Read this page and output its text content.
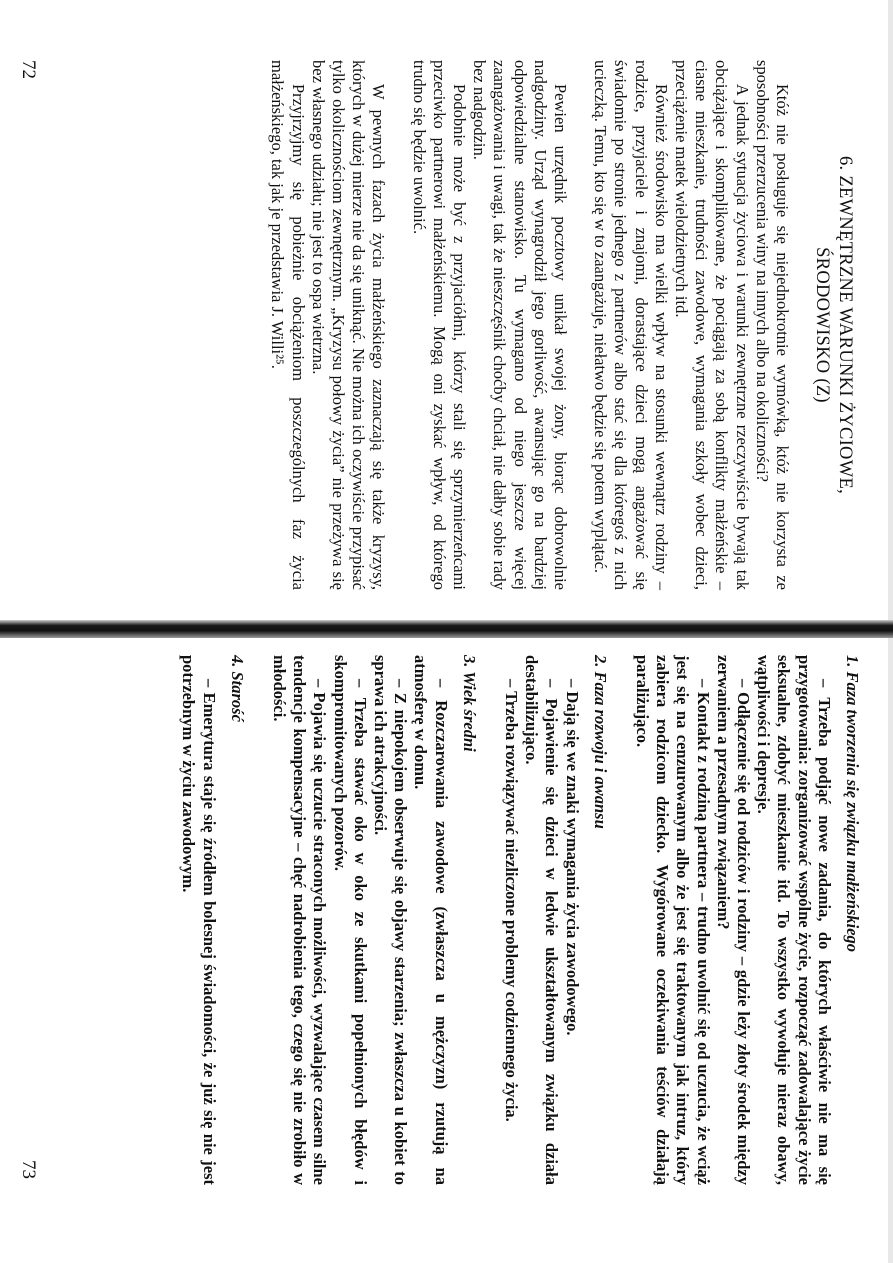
6. ZEWNĘTRZNE WARUNKI ŻYCIOWE,
ŚRODOWISKO (Z)

Któż nie posługuje się niejednokrotnie wymówką, któż nie korzysta ze sposobności przerzucenia winy na innych albo na okoliczności?

A jednak sytuacja życiowa i warunki zewnętrzne rzeczywiście bywają tak obciążające i skomplikowane, że pociągają za sobą konflikty małżeńskie – ciasne mieszkanie, trudności zawodowe, wymagania szkoły wobec dzieci, przeciążenie matek wielodzietnych itd.

Również środowisko ma wielki wpływ na stosunki wewnątrz rodziny – rodzice, przyjaciele i znajomi, dorastające dzieci mogą angażować się świadomie po stronie jednego z partnerów albo stać się dla któregoś z nich ucieczką. Temu, kto się w to zaangażuje, niełatwo będzie się potem wyplątać.

Pewien urzędnik pocztowy unikał swojej żony, biorąc dobrowolnie nadgodziny. Urząd wynagrodził jego gorliwość, awansując go na bardziej odpowiedzialne stanowisko. Tu wymagano od niego jeszcze więcej zaangażowania i uwagi, tak że nieszczęśnik choćby chciał, nie dałby sobie rady bez nadgodzin.

Podobnie może być z przyjaciółmi, którzy stali się sprzymierzeńcami przeciwko partnerowi małżeńskiemu. Mogą oni zyskać wpływ, od którego trudno się będzie uwolnić.

W pewnych fazach życia małżeńskiego zaznaczają się także kryzysy, których w dużej mierze nie da się uniknąć. Nie można ich oczywiście przypisać tylko okolicznościom zewnętrznym. „Kryzysu połowy życia” nie przeżywa się bez własnego udziału; nie jest to ospa wietrzna.

Przyjrzyjmy się pobieżnie obciążeniom poszczególnych faz życia małżeńskiego, tak jak je przedstawia J. Willi²⁵.

72

1. Faza tworzenia się związku małżeńskiego

– Trzeba podjąć nowe zadania, do których właściwie nie ma się przygotowania: zorganizować wspólne życie, rozpocząć zadowalające życie seksualne, zdobyć mieszkanie itd. To wszystko wywołuje nieraz obawy, wątpliwości i depresje.

– Odłączenie się od rodziców i rodziny – gdzie leży złoty środek między zerwaniem a przesadnym związaniem?

– Kontakt z rodziną partnera – trudno uwolnić się od uczucia, że wciąż jest się na cenzurowanym albo że jest się traktowanym jak intruz, który zabiera rodzicom dziecko. Wygórowane oczekiwania teściów działają paraliżująco.

2. Faza rozwoju i awansu

– Dają się we znaki wymagania życia zawodowego.

– Pojawienie się dzieci w ledwie ukształtowanym związku działa destabilizująco.

– Trzeba rozwiązywać niezliczone problemy codziennego życia.

3. Wiek średni

– Rozczarowania zawodowe (zwłaszcza u mężczyzn) rzutują na atmosferę w domu.

– Z niepokojem obserwuje się objawy starzenia; zwłaszcza u kobiet to sprawa ich atrakcyjności.

– Trzeba stawać oko w oko ze skutkami popełnionych błędów i skompromitowanych pozorów.

– Pojawia się uczucie straconych możliwości, wyzwalające czasem silne tendencje kompensacyjne – chęć nadrobienia tego, czego się nie zrobiło w młodości.

4. Starość

– Emerytura staje się źródłem bolesnej świadomości, że już się nie jest potrzebnym w życiu zawodowym.

73
